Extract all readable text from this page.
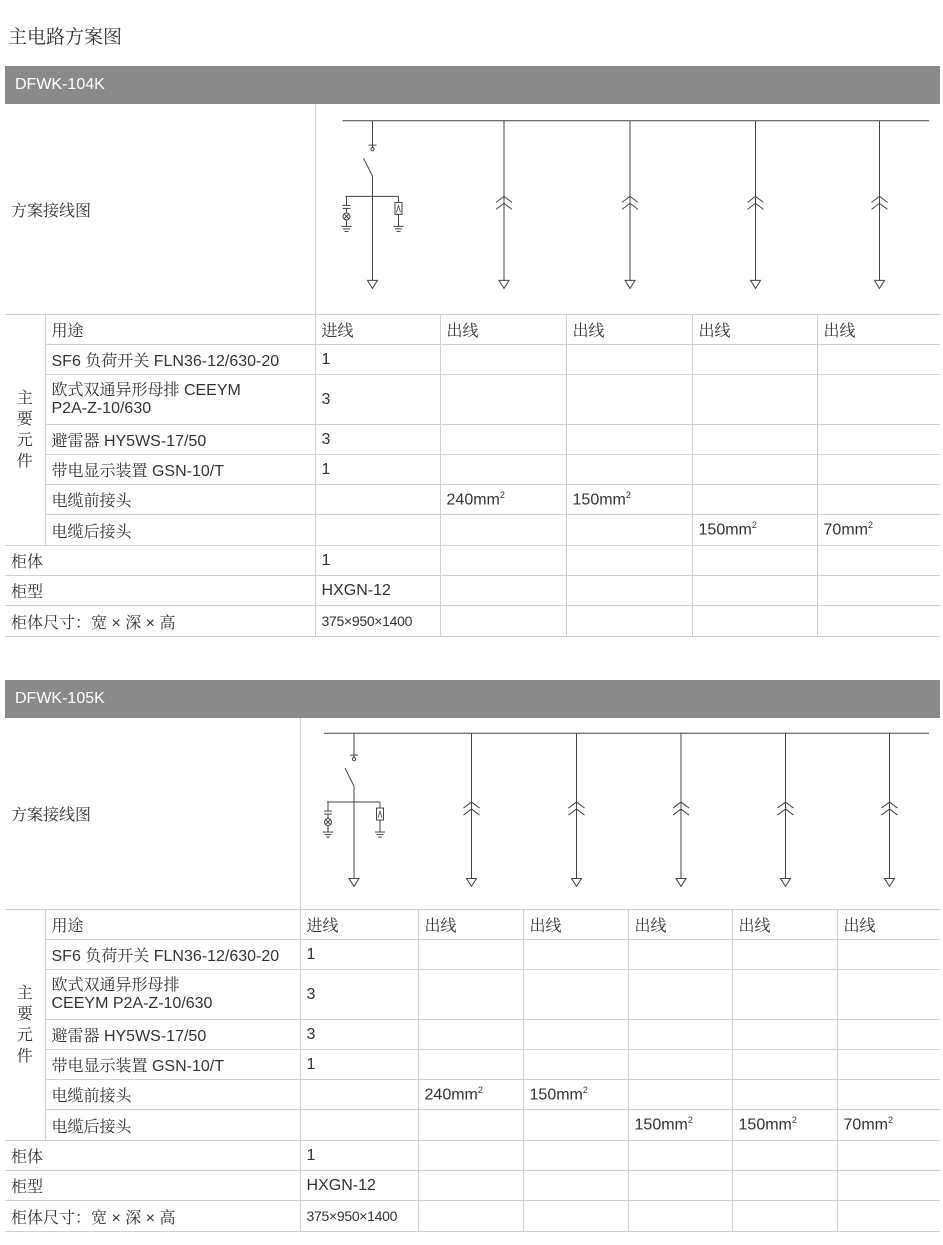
主电路方案图
DFWK-104K
方案接线图	

主
要
元
件	用途	进线	出线	出线	出线	出线
	SF6 负荷开关 FLN36-12/630-20	1				
	欧式双通异形母排 CEEYM P2A-Z-10/630	3				
	避雷器 HY5WS-17/50	3				
	带电显示装置 GSN-10/T	1				
	电缆前接头		$240mm^2$	$150mm^2$		
	电缆后接头				$150mm^2$	$70mm^2$
柜体		1				
柜型		HXGN-12				
柜体尺寸：宽 × 深 × 高		375×950×1400				
DFWK-105K
方案接线图	

主
要
元
件	用途	进线	出线	出线	出线	出线	出线
	SF6 负荷开关 FLN36-12/630-20	1					
	欧式双通异形母排 CEEYM P2A-Z-10/630	3					
	避雷器 HY5WS-17/50	3					
	带电显示装置 GSN-10/T	1					
	电缆前接头		$240mm^2$	$150mm^2$			
	电缆后接头				$150mm^2$	$150mm^2$	$70mm^2$
柜体		1					
柜型		HXGN-12					
柜体尺寸：宽 × 深 × 高		375×950×1400					
